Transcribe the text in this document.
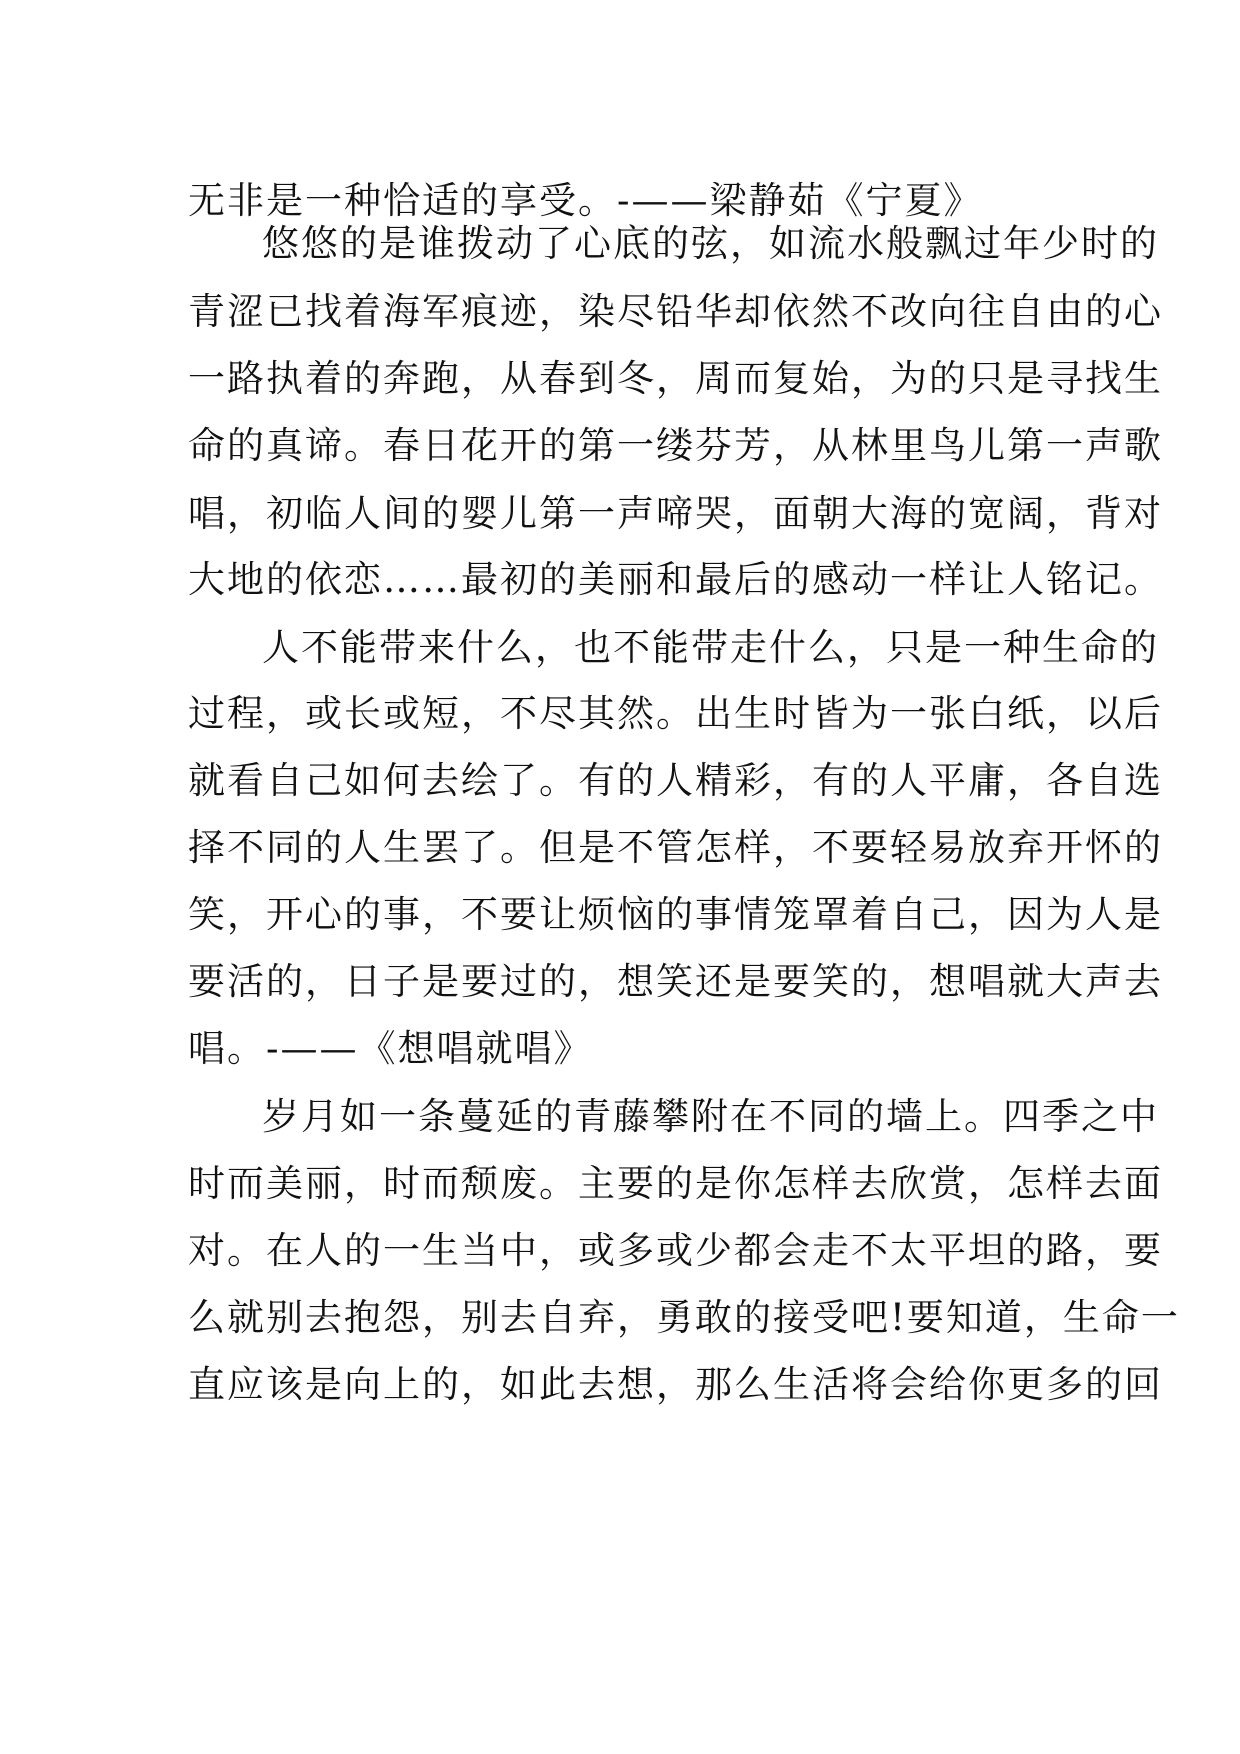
无非是一种恰适的享受。-——梁静茹《宁夏》

悠悠的是谁拨动了心底的弦，如流水般飘过年少时的

青涩已找着海军痕迹，染尽铅华却依然不改向往自由的心

一路执着的奔跑，从春到冬，周而复始，为的只是寻找生

命的真谛。春日花开的第一缕芬芳，从林里鸟儿第一声歌

唱，初临人间的婴儿第一声啼哭，面朝大海的宽阔，背对

大地的依恋……最初的美丽和最后的感动一样让人铭记。

人不能带来什么，也不能带走什么，只是一种生命的

过程，或长或短，不尽其然。出生时皆为一张白纸，以后

就看自己如何去绘了。有的人精彩，有的人平庸，各自选

择不同的人生罢了。但是不管怎样，不要轻易放弃开怀的

笑，开心的事，不要让烦恼的事情笼罩着自己，因为人是

要活的，日子是要过的，想笑还是要笑的，想唱就大声去

唱。-——《想唱就唱》

岁月如一条蔓延的青藤攀附在不同的墙上。四季之中

时而美丽，时而颓废。主要的是你怎样去欣赏，怎样去面

对。在人的一生当中，或多或少都会走不太平坦的路，要

么就别去抱怨，别去自弃，勇敢的接受吧!要知道，生命一

直应该是向上的，如此去想，那么生活将会给你更多的回
